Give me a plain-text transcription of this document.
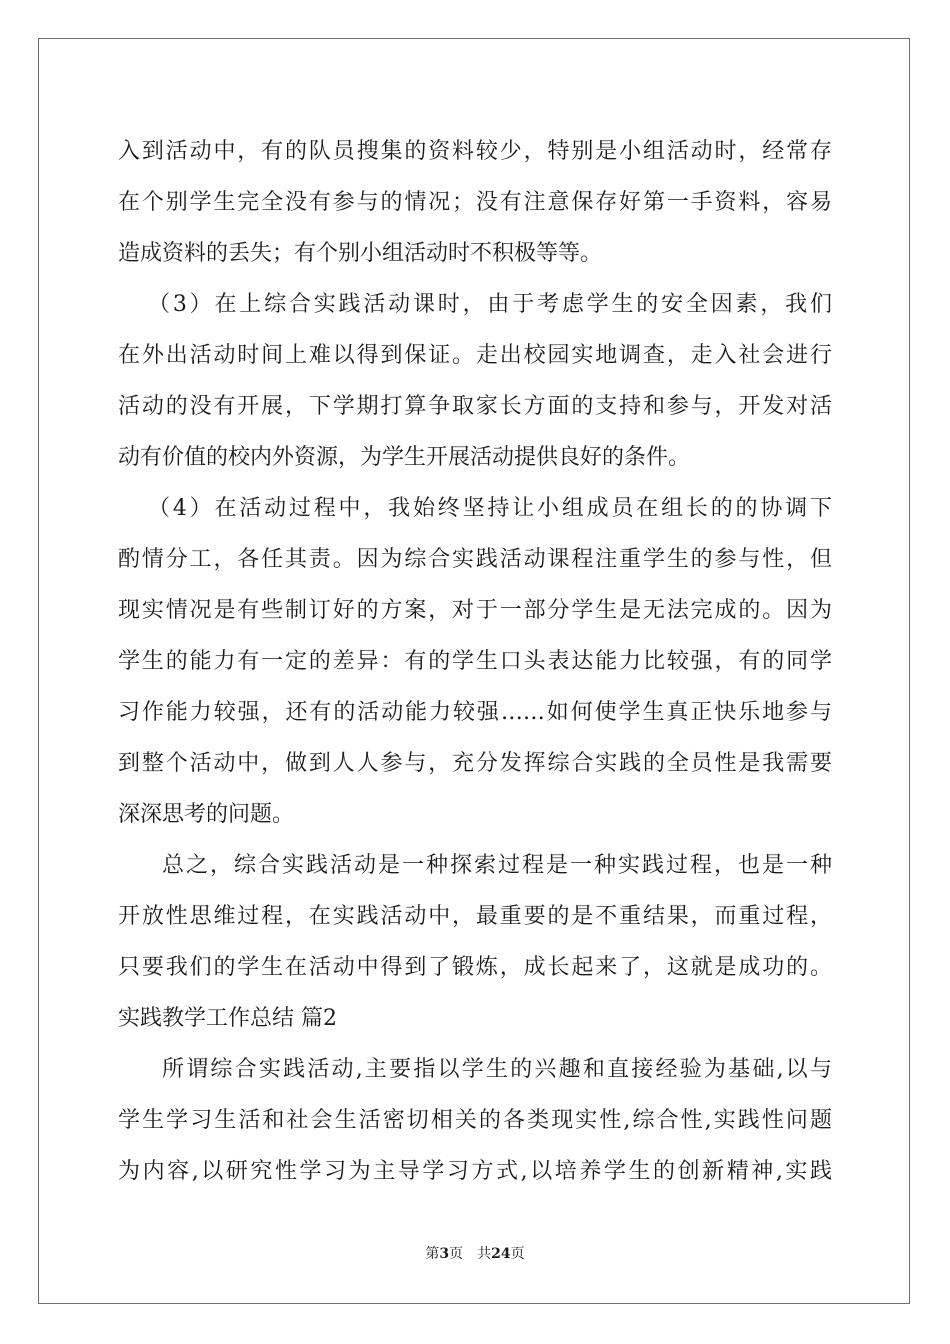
入到活动中，有的队员搜集的资料较少，特别是小组活动时，经常存
在个别学生完全没有参与的情况；没有注意保存好第一手资料，容易
造成资料的丢失；有个别小组活动时不积极等等。
（3）在上综合实践活动课时，由于考虑学生的安全因素，我们
在外出活动时间上难以得到保证。走出校园实地调查，走入社会进行
活动的没有开展，下学期打算争取家长方面的支持和参与，开发对活
动有价值的校内外资源，为学生开展活动提供良好的条件。
（4）在活动过程中，我始终坚持让小组成员在组长的的协调下
酌情分工，各任其责。因为综合实践活动课程注重学生的参与性，但
现实情况是有些制订好的方案，对于一部分学生是无法完成的。因为
学生的能力有一定的差异：有的学生口头表达能力比较强，有的同学
习作能力较强，还有的活动能力较强……如何使学生真正快乐地参与
到整个活动中，做到人人参与，充分发挥综合实践的全员性是我需要
深深思考的问题。
总之，综合实践活动是一种探索过程是一种实践过程，也是一种
开放性思维过程，在实践活动中，最重要的是不重结果，而重过程，
只要我们的学生在活动中得到了锻炼，成长起来了，这就是成功的。
实践教学工作总结 篇2
所谓综合实践活动,主要指以学生的兴趣和直接经验为基础,以与
学生学习生活和社会生活密切相关的各类现实性,综合性,实践性问题
为内容,以研究性学习为主导学习方式,以培养学生的创新精神,实践
第3页 共24页
